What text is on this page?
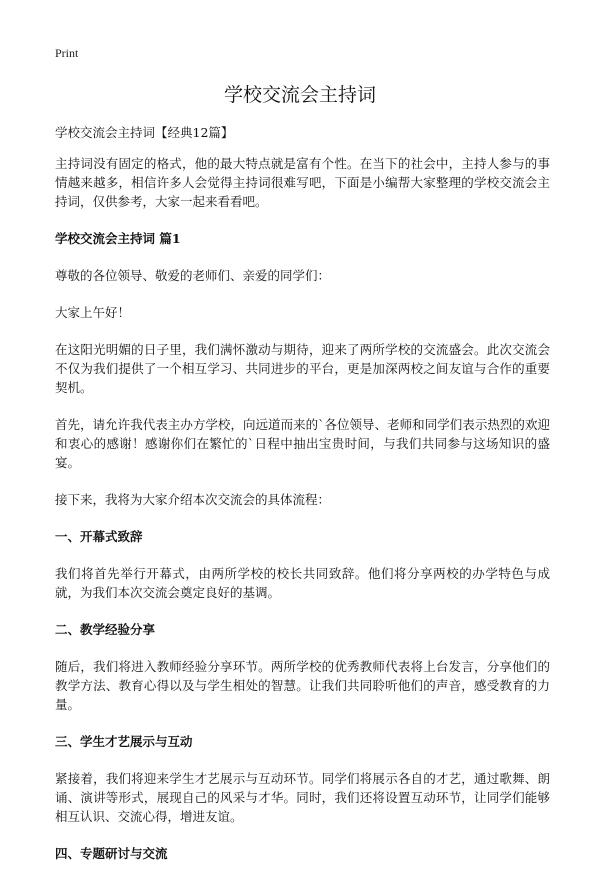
Print
学校交流会主持词

学校交流会主持词【经典12篇】

主持词没有固定的格式，他的最大特点就是富有个性。在当下的社会中，主持人参与的事情越来越多，相信许多人会觉得主持词很难写吧，下面是小编帮大家整理的学校交流会主持词，仅供参考，大家一起来看看吧。

学校交流会主持词 篇1

尊敬的各位领导、敬爱的老师们、亲爱的同学们：

大家上午好！

在这阳光明媚的日子里，我们满怀激动与期待，迎来了两所学校的交流盛会。此次交流会不仅为我们提供了一个相互学习、共同进步的平台，更是加深两校之间友谊与合作的重要契机。

首先，请允许我代表主办方学校，向远道而来的`各位领导、老师和同学们表示热烈的欢迎和衷心的感谢！感谢你们在繁忙的`日程中抽出宝贵时间，与我们共同参与这场知识的盛宴。

接下来，我将为大家介绍本次交流会的具体流程：

一、开幕式致辞

我们将首先举行开幕式，由两所学校的校长共同致辞。他们将分享两校的办学特色与成就，为我们本次交流会奠定良好的基调。

二、教学经验分享

随后，我们将进入教师经验分享环节。两所学校的优秀教师代表将上台发言，分享他们的教学方法、教育心得以及与学生相处的智慧。让我们共同聆听他们的声音，感受教育的力量。

三、学生才艺展示与互动

紧接着，我们将迎来学生才艺展示与互动环节。同学们将展示各自的才艺，通过歌舞、朗诵、演讲等形式，展现自己的风采与才华。同时，我们还将设置互动环节，让同学们能够相互认识、交流心得，增进友谊。

四、专题研讨与交流
